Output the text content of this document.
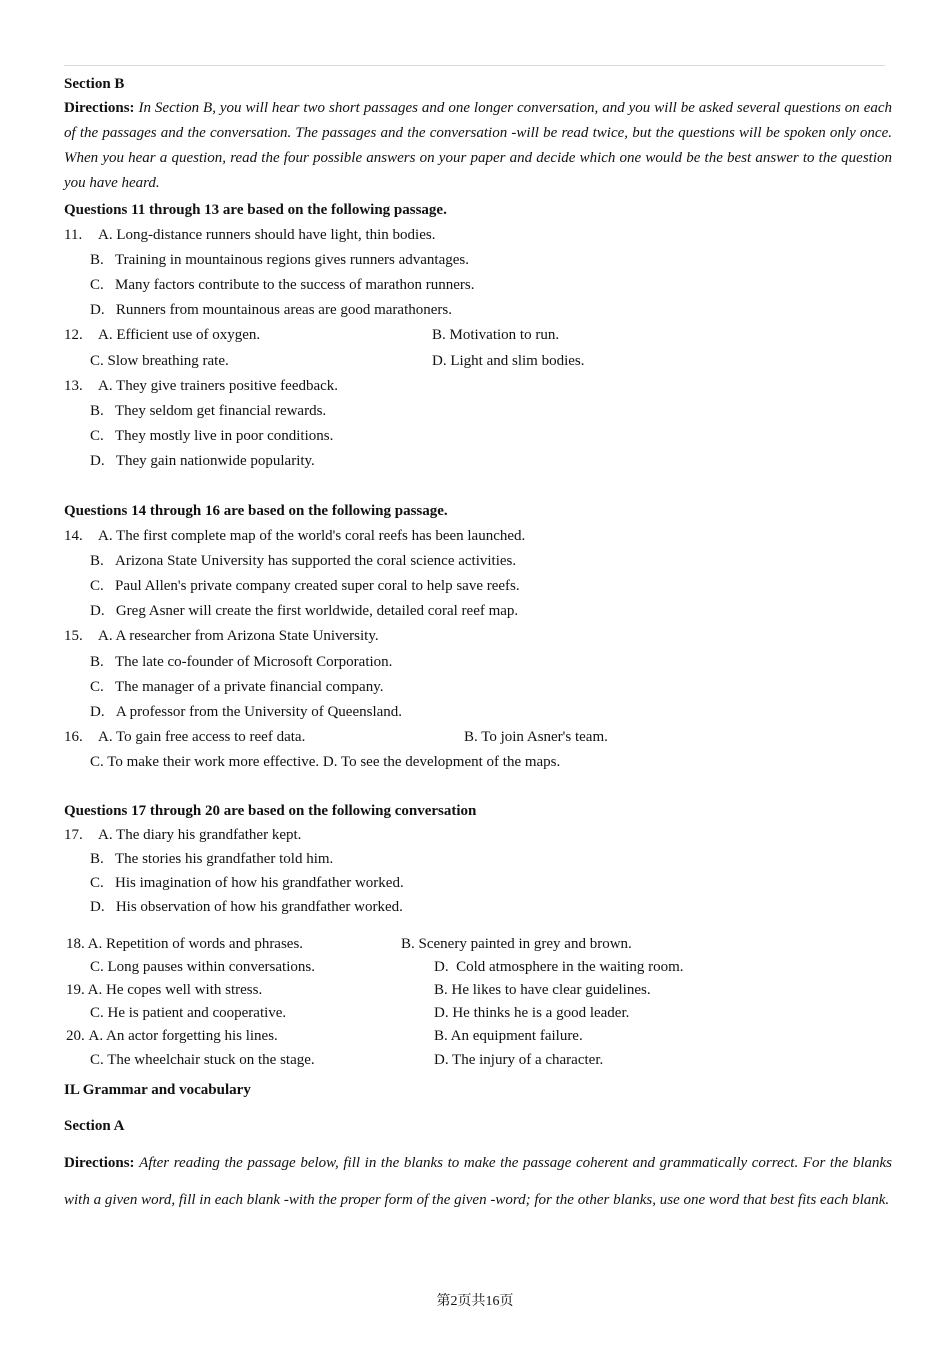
Section B
Directions: In Section B, you will hear two short passages and one longer conversation, and you will be asked several questions on each of the passages and the conversation. The passages and the conversation -will be read twice, but the questions will be spoken only once. When you hear a question, read the four possible answers on your paper and decide which one would be the best answer to the question you have heard.
Questions 11 through 13 are based on the following passage.
11. A. Long-distance runners should have light, thin bodies.
B.   Training in mountainous regions gives runners advantages.
C.   Many factors contribute to the success of marathon runners.
D.   Runners from mountainous areas are good marathoners.
12. A. Efficient use of oxygen.	B. Motivation to run.
C. Slow breathing rate.	D. Light and slim bodies.
13. A. They give trainers positive feedback.
B.   They seldom get financial rewards.
C.   They mostly live in poor conditions.
D.   They gain nationwide popularity.
Questions 14 through 16 are based on the following passage.
14. A. The first complete map of the world's coral reefs has been launched.
B.   Arizona State University has supported the coral science activities.
C.   Paul Allen's private company created super coral to help save reefs.
D.   Greg Asner will create the first worldwide, detailed coral reef map.
15. A. A researcher from Arizona State University.
B.   The late co-founder of Microsoft Corporation.
C.   The manager of a private financial company.
D.   A professor from the University of Queensland.
16. A. To gain free access to reef data.	B. To join Asner's team.
C. To make their work more effective. D. To see the development of the maps.
Questions 17 through 20 are based on the following conversation
17. A. The diary his grandfather kept.
B.   The stories his grandfather told him.
C.   His imagination of how his grandfather worked.
D.   His observation of how his grandfather worked.
18. A. Repetition of words and phrases.	B. Scenery painted in grey and brown.
C. Long pauses within conversations.	D.  Cold atmosphere in the waiting room.
19. A. He copes well with stress.	B. He likes to have clear guidelines.
C. He is patient and cooperative.	D. He thinks he is a good leader.
20. A. An actor forgetting his lines.	B. An equipment failure.
C. The wheelchair stuck on the stage.	D. The injury of a character.
IL Grammar and vocabulary
Section A
Directions: After reading the passage below, fill in the blanks to make the passage coherent and grammatically correct. For the blanks with a given word, fill in each blank -with the proper form of the given -word; for the other blanks, use one word that best fits each blank.
第2页共16页
